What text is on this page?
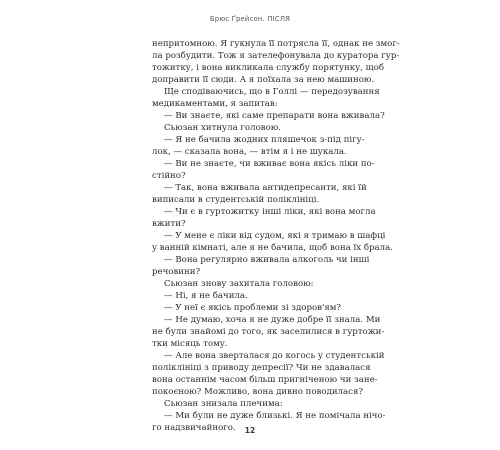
Брюс Ґрейсон. ПІСЛЯ
непритомною. Я гукнула її потрясла її, однак не змог-
ла розбудити. Тож я зателефонувала до куратора гур-
тожитку, і вона викликала службу порятунку, щоб
доправити її сюди. А я поїхала за нею машиною.
Ще сподіваючись, що в Голлі — передозування
медикаментами, я запитав:
— Ви знаєте, які саме препарати вона вживала?
Сьюзан хитнула головою.
— Я не бачила жодних пляшечок з-під пігу-
лок, — сказала вона, — втім я і не шукала.
— Ви не знаєте, чи вживає вона якісь ліки по-
стійно?
— Так, вона вживала антидепресанти, які їй
виписали в студентській поліклініці.
— Чи є в гуртожитку інші ліки, які вона могла
вжити?
— У мене є ліки від судом, які я тримаю в шафці
у ванній кімнаті, але я не бачила, щоб вона їх брала.
— Вона регулярно вживала алкоголь чи інші
речовини?
Сьюзан знову захитала головою:
— Ні, я не бачила.
— У неї є якісь проблеми зі здоров'ям?
— Не думаю, хоча я не дуже добре її знала. Ми
не були знайомі до того, як заселилися в гуртожи-
тки місяць тому.
— Але вона зверталася до когось у студентській
поліклініці з приводу депресії? Чи не здавалася
вона останнім часом більш пригніченою чи зане-
покоєною? Можливо, вона дивно поводилася?
Сьюзан знизала плечима:
— Ми були не дуже близькі. Я не помічала нічо-
го надзвичайного.	12
